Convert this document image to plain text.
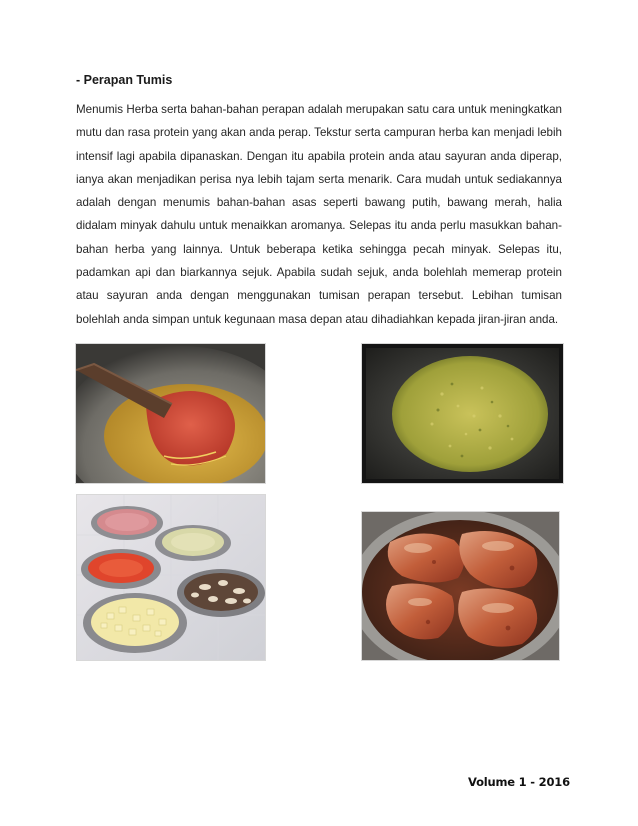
- Perapan Tumis

Menumis Herba serta bahan-bahan perapan adalah merupakan satu cara untuk meningkatkan mutu dan rasa protein yang akan anda perap. Tekstur serta campuran herba kan menjadi lebih intensif lagi apabila dipanaskan. Dengan itu apabila protein anda atau sayuran anda diperap, ianya akan menjadikan perisa nya lebih tajam serta menarik. Cara mudah untuk sediakannya adalah dengan menumis bahan-bahan asas seperti bawang putih, bawang merah, halia didalam minyak dahulu untuk menaikkan aromanya. Selepas itu anda perlu masukkan bahan-bahan herba yang lainnya. Untuk beberapa ketika sehingga pecah minyak. Selepas itu, padamkan api dan biarkannya sejuk. Apabila sudah sejuk, anda bolehlah memerap protein atau sayuran anda dengan menggunakan tumisan perapan tersebut. Lebihan tumisan bolehlah anda simpan untuk kegunaan masa depan atau dihadiahkan kepada jiran-jiran anda.

Volume 1 - 2016
